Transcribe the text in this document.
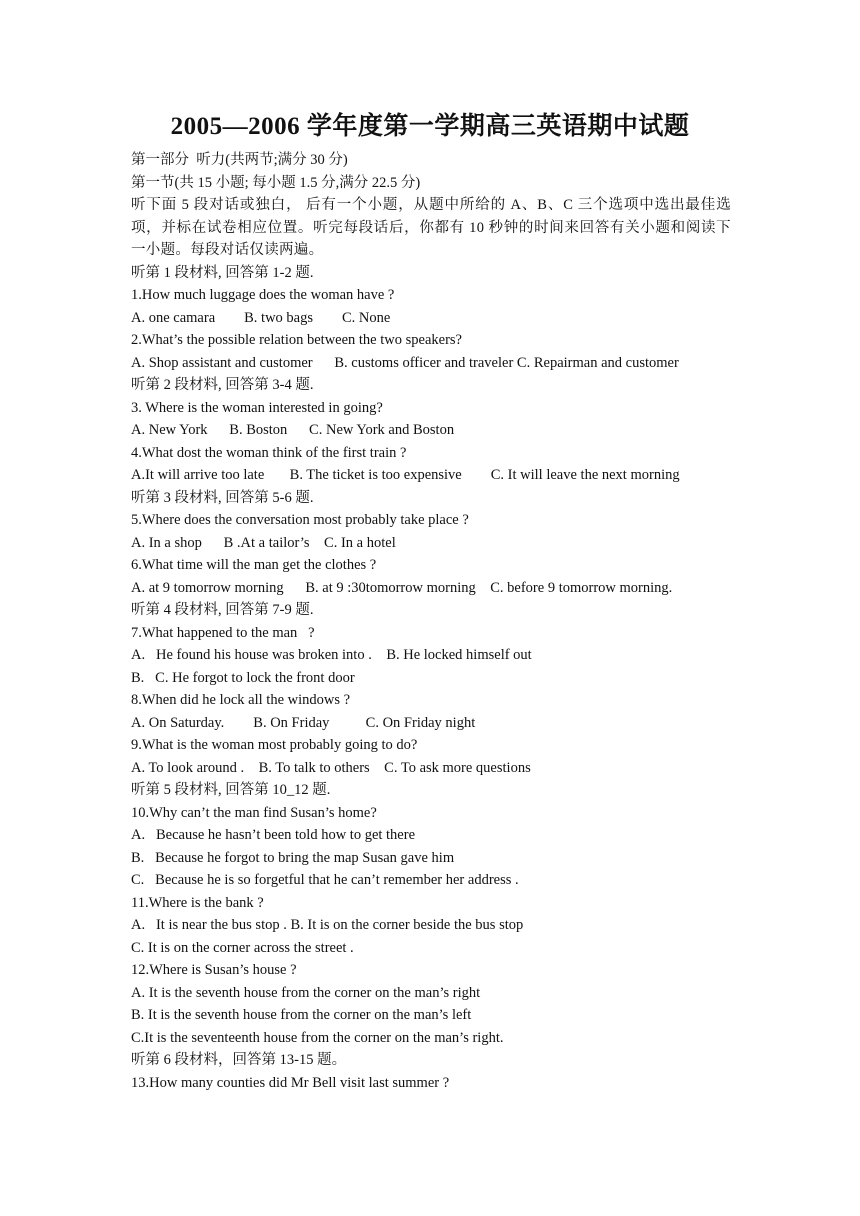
2005—2006 学年度第一学期高三英语期中试题
第一部分  听力(共两节;满分 30 分)
第一节(共 15 小题; 每小题 1.5 分,满分 22.5 分)
听下面 5 段对话或独白， 后有一个小题，从题中所给的 A、B、C 三个选项中选出最佳选项，并标在试卷相应位置。听完每段话后，你都有 10 秒钟的时间来回答有关小题和阅读下一小题。每段对话仅读两遍。
听第 1 段材料, 回答第 1-2 题.
1.How much luggage does the woman have ?
A. one camara        B. two bags        C. None
2.What’s the possible relation between the two speakers?
A. Shop assistant and customer      B. customs officer and traveler C. Repairman and customer
听第 2 段材料, 回答第 3-4 题.
3. Where is the woman interested in going?
A. New York      B. Boston      C. New York and Boston
4.What dost the woman think of the first train ?
A.It will arrive too late       B. The ticket is too expensive        C. It will leave the next morning
听第 3 段材料, 回答第 5-6 题.
5.Where does the conversation most probably take place ?
A. In a shop      B .At a tailor’s    C. In a hotel
6.What time will the man get the clothes ?
A. at 9 tomorrow morning      B. at 9 :30tomorrow morning    C. before 9 tomorrow morning.
听第 4 段材料, 回答第 7-9 题.
7.What happened to the man   ?
A.   He found his house was broken into .    B. He locked himself out
B.   C. He forgot to lock the front door
8.When did he lock all the windows ?
A. On Saturday.        B. On Friday          C. On Friday night
9.What is the woman most probably going to do?
A. To look around .    B. To talk to others    C. To ask more questions
听第 5 段材料, 回答第 10_12 题.
10.Why can’t the man find Susan’s home?
A.   Because he hasn’t been told how to get there
B.   Because he forgot to bring the map Susan gave him
C.   Because he is so forgetful that he can’t remember her address .
11.Where is the bank ?
A.   It is near the bus stop . B. It is on the corner beside the bus stop
C. It is on the corner across the street .
12.Where is Susan’s house ?
A. It is the seventh house from the corner on the man’s right
B. It is the seventh house from the corner on the man’s left
C.It is the seventeenth house from the corner on the man’s right.
听第 6 段材料，回答第 13-15 题。
13.How many counties did Mr Bell visit last summer ?
